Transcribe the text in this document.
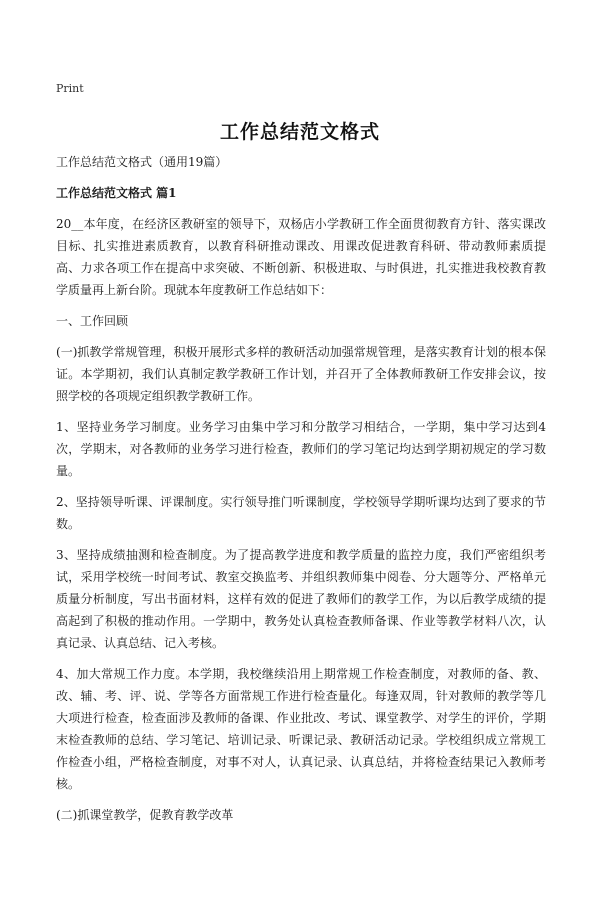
Print
工作总结范文格式

工作总结范文格式（通用19篇）

工作总结范文格式 篇1

20__本年度，在经济区教研室的领导下，双杨店小学教研工作全面贯彻教育方针、落实课改目标、扎实推进素质教育，以教育科研推动课改、用课改促进教育科研、带动教师素质提高、力求各项工作在提高中求突破、不断创新、积极进取、与时俱进，扎实推进我校教育教学质量再上新台阶。现就本年度教研工作总结如下：

一、工作回顾

(一)抓教学常规管理，积极开展形式多样的教研活动加强常规管理，是落实教育计划的根本保证。本学期初，我们认真制定教学教研工作计划，并召开了全体教师教研工作安排会议，按照学校的各项规定组织教学教研工作。

1、坚持业务学习制度。业务学习由集中学习和分散学习相结合，一学期，集中学习达到4次，学期末，对各教师的业务学习进行检查，教师们的学习笔记均达到学期初规定的学习数量。

2、坚持领导听课、评课制度。实行领导推门听课制度，学校领导学期听课均达到了要求的节数。

3、坚持成绩抽测和检查制度。为了提高教学进度和教学质量的监控力度，我们严密组织考试，采用学校统一时间考试、教室交换监考、并组织教师集中阅卷、分大题等分、严格单元质量分析制度，写出书面材料，这样有效的促进了教师们的教学工作，为以后教学成绩的提高起到了积极的推动作用。一学期中，教务处认真检查教师备课、作业等教学材料八次，认真记录、认真总结、记入考核。

4、加大常规工作力度。本学期，我校继续沿用上期常规工作检查制度，对教师的备、教、改、辅、考、评、说、学等各方面常规工作进行检查量化。每逢双周，针对教师的教学等几大项进行检查，检查面涉及教师的备课、作业批改、考试、课堂教学、对学生的评价，学期末检查教师的总结、学习笔记、培训记录、听课记录、教研活动记录。学校组织成立常规工作检查小组，严格检查制度，对事不对人，认真记录、认真总结，并将检查结果记入教师考核。

(二)抓课堂教学，促教育教学改革
